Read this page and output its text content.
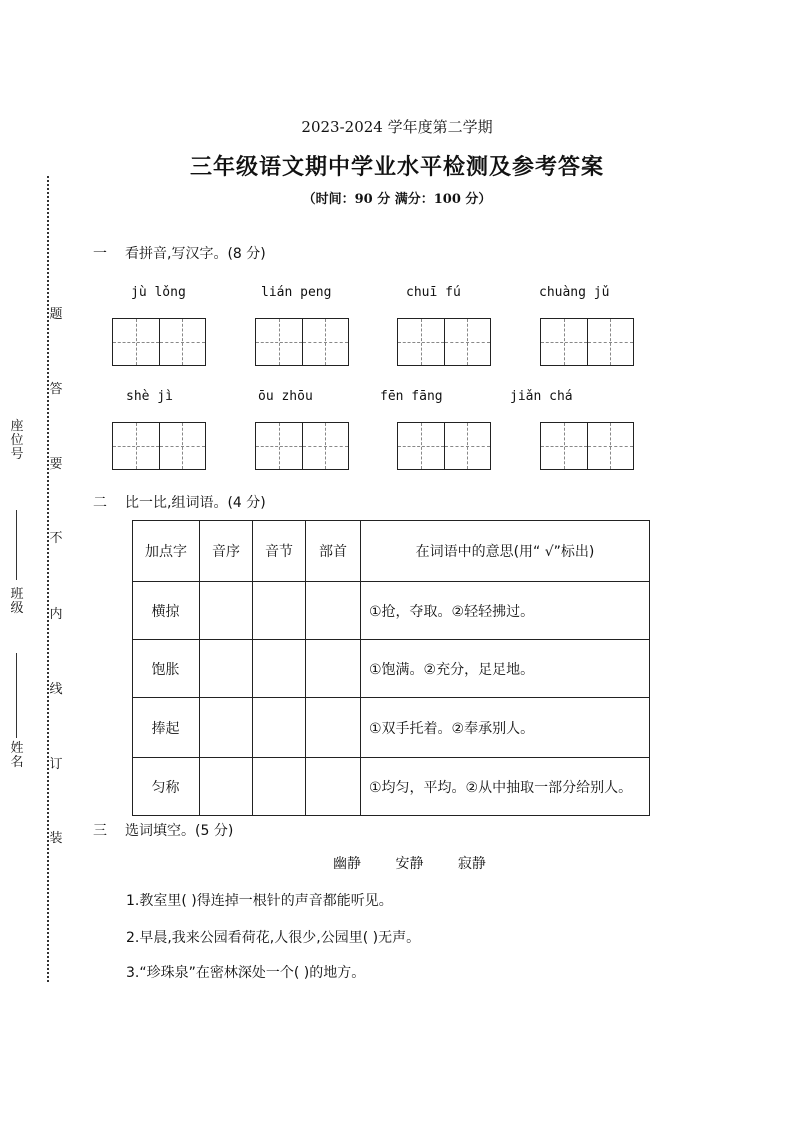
题
答
要
不
内
线
订
装
座位号
班级
姓名
2023-2024 学年度第二学期
三年级语文期中学业水平检测及参考答案
（时间：90 分 满分：100 分）
一 看拼音,写汉字。(8 分)
jù lǒng	lián peng	chuī fú	chuàng jǔ
shè jì	ōu zhōu	fēn fāng	jiǎn chá
二 比一比,组词语。(4 分)
加点字	音序	音节	部首	在词语中的意思(用“ √”标出)
横掠				①抢，夺取。②轻轻拂过。
饱胀				①饱满。②充分，足足地。
捧起				①双手托着。②奉承别人。
匀称				①均匀，平均。②从中抽取一部分给别人。
三 选词填空。(5 分)
幽静 安静 寂静
1.教室里( )得连掉一根针的声音都能听见。
2.早晨,我来公园看荷花,人很少,公园里( )无声。
3.“珍珠泉”在密林深处一个( )的地方。
